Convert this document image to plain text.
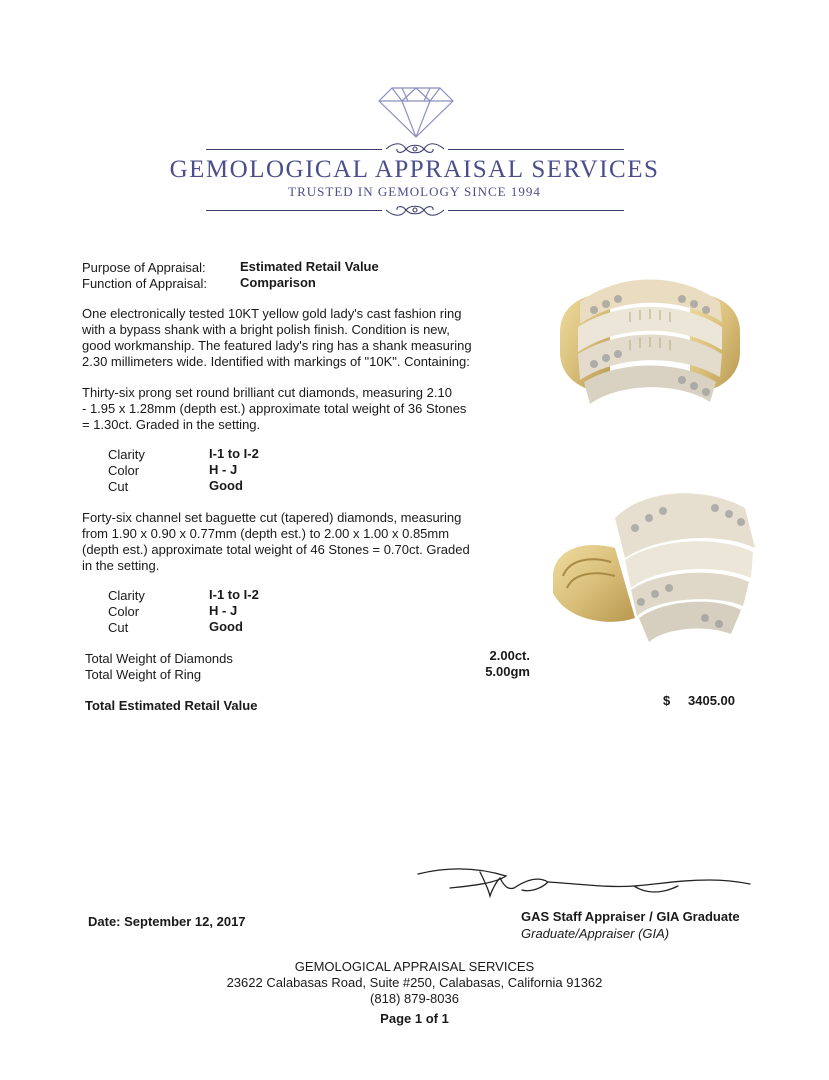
GEMOLOGICAL APPRAISAL SERVICES
TRUSTED IN GEMOLOGY SINCE 1994
Purpose of Appraisal:	Estimated Retail Value
Function of Appraisal:	Comparison
One electronically tested 10KT yellow gold lady's cast fashion ring
with a bypass shank with a bright polish finish. Condition is new,
good workmanship. The featured lady's ring has a shank measuring
2.30 millimeters wide. Identified with markings of "10K". Containing:
Thirty-six prong set round brilliant cut diamonds, measuring 2.10
- 1.95 x 1.28mm (depth est.) approximate total weight of 36 Stones
= 1.30ct. Graded in the setting.
Clarity	I-1 to I-2
Color	H - J
Cut	Good
Forty-six channel set baguette cut (tapered) diamonds, measuring
from 1.90 x 0.90 x 0.77mm (depth est.) to 2.00 x 1.00 x 0.85mm
(depth est.) approximate total weight of 46 Stones = 0.70ct. Graded
in the setting.
Clarity	I-1 to I-2
Color	H - J
Cut	Good
Total Weight of Diamonds	2.00ct.
Total Weight of Ring	5.00gm
Total Estimated Retail Value	$ 3405.00
Date: September 12, 2017	GAS Staff Appraiser / GIA Graduate
Graduate/Appraiser (GIA)
GEMOLOGICAL APPRAISAL SERVICES
23622 Calabasas Road, Suite #250, Calabasas, California 91362
(818) 879-8036
Page 1 of 1
